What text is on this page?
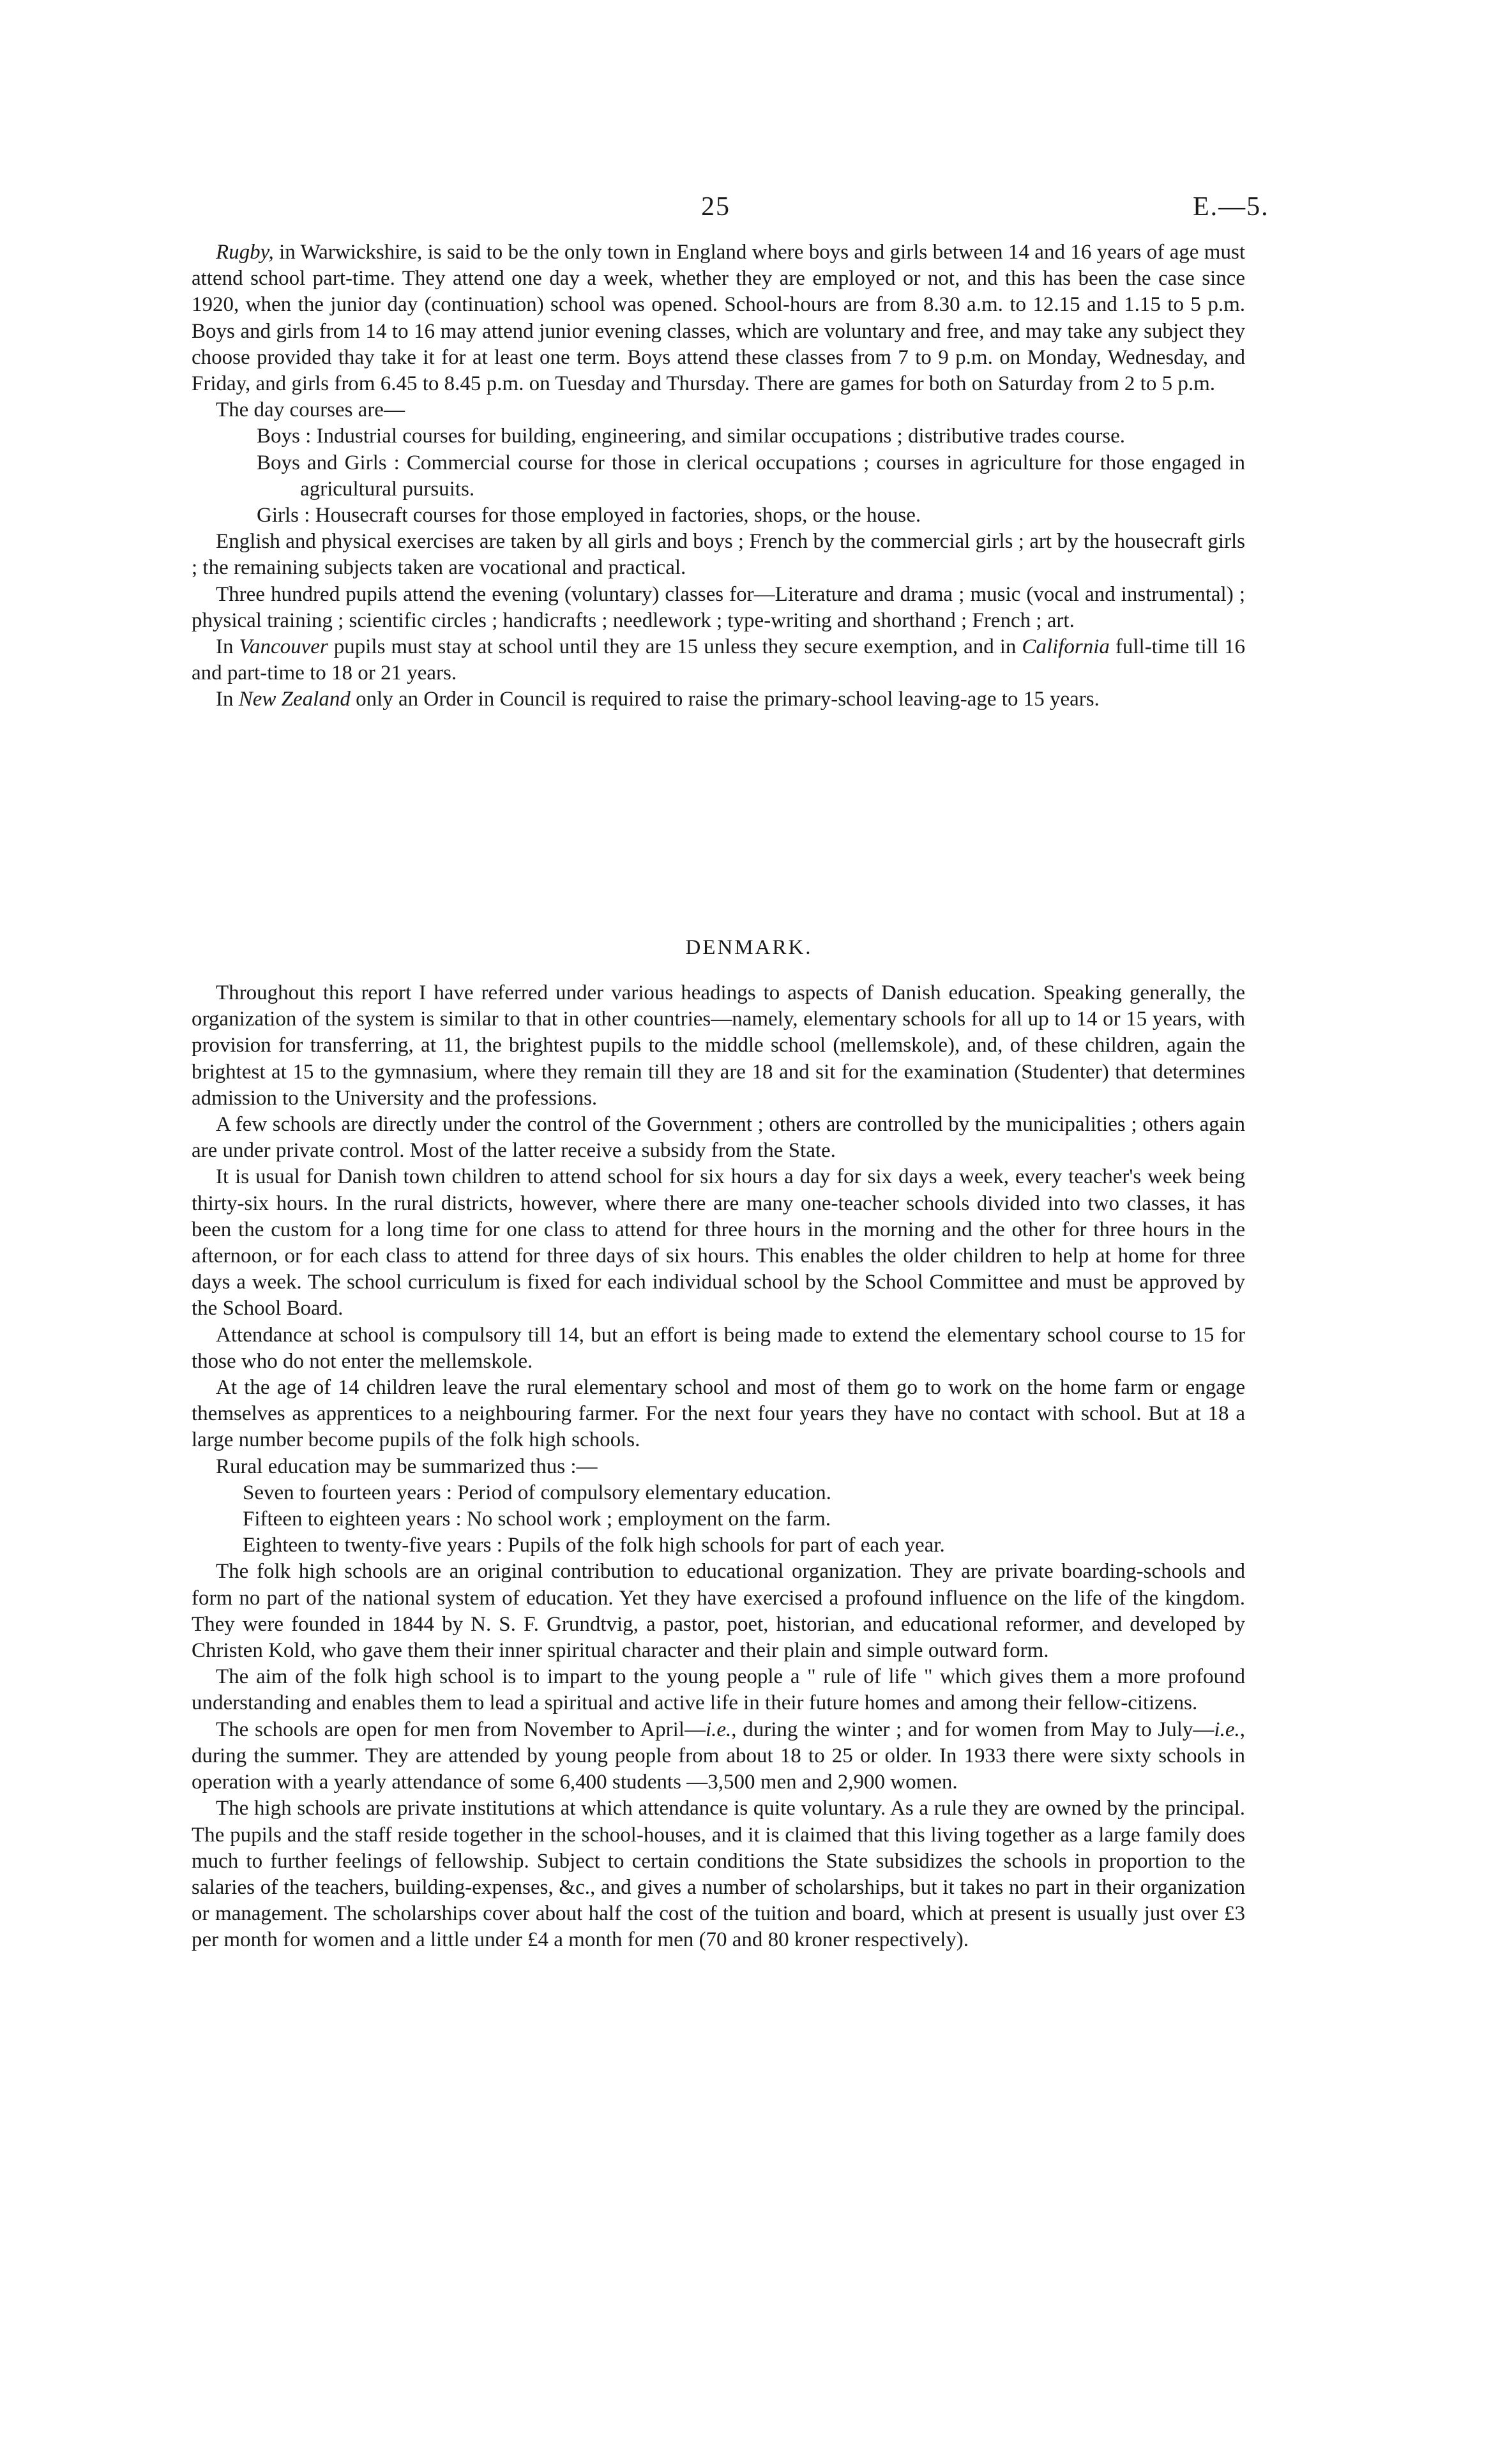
25	E.—5.

Rugby, in Warwickshire, is said to be the only town in England where boys and girls between 14 and 16 years of age must attend school part-time. They attend one day a week, whether they are employed or not, and this has been the case since 1920, when the junior day (continuation) school was opened. School-hours are from 8.30 a.m. to 12.15 and 1.15 to 5 p.m. Boys and girls from 14 to 16 may attend junior evening classes, which are voluntary and free, and may take any subject they choose provided thay take it for at least one term. Boys attend these classes from 7 to 9 p.m. on Monday, Wednesday, and Friday, and girls from 6.45 to 8.45 p.m. on Tuesday and Thursday. There are games for both on Saturday from 2 to 5 p.m.

The day courses are—

Boys : Industrial courses for building, engineering, and similar occupations ; distributive trades course.

Boys and Girls : Commercial course for those in clerical occupations ; courses in agriculture for those engaged in agricultural pursuits.

Girls : Housecraft courses for those employed in factories, shops, or the house.

English and physical exercises are taken by all girls and boys ; French by the commercial girls ; art by the housecraft girls ; the remaining subjects taken are vocational and practical.

Three hundred pupils attend the evening (voluntary) classes for—Literature and drama ; music (vocal and instrumental) ; physical training ; scientific circles ; handicrafts ; needlework ; type-writing and shorthand ; French ; art.

In Vancouver pupils must stay at school until they are 15 unless they secure exemption, and in California full-time till 16 and part-time to 18 or 21 years.

In New Zealand only an Order in Council is required to raise the primary-school leaving-age to 15 years.

DENMARK.

Throughout this report I have referred under various headings to aspects of Danish education. Speaking generally, the organization of the system is similar to that in other countries—namely, elementary schools for all up to 14 or 15 years, with provision for transferring, at 11, the brightest pupils to the middle school (mellemskole), and, of these children, again the brightest at 15 to the gymnasium, where they remain till they are 18 and sit for the examination (Studenter) that determines admission to the University and the professions.

A few schools are directly under the control of the Government ; others are controlled by the municipalities ; others again are under private control. Most of the latter receive a subsidy from the State.

It is usual for Danish town children to attend school for six hours a day for six days a week, every teacher's week being thirty-six hours. In the rural districts, however, where there are many one-teacher schools divided into two classes, it has been the custom for a long time for one class to attend for three hours in the morning and the other for three hours in the afternoon, or for each class to attend for three days of six hours. This enables the older children to help at home for three days a week. The school curriculum is fixed for each individual school by the School Committee and must be approved by the School Board.

Attendance at school is compulsory till 14, but an effort is being made to extend the elementary school course to 15 for those who do not enter the mellemskole.

At the age of 14 children leave the rural elementary school and most of them go to work on the home farm or engage themselves as apprentices to a neighbouring farmer. For the next four years they have no contact with school. But at 18 a large number become pupils of the folk high schools.

Rural education may be summarized thus :—

Seven to fourteen years : Period of compulsory elementary education.

Fifteen to eighteen years : No school work ; employment on the farm.

Eighteen to twenty-five years : Pupils of the folk high schools for part of each year.

The folk high schools are an original contribution to educational organization. They are private boarding-schools and form no part of the national system of education. Yet they have exercised a profound influence on the life of the kingdom. They were founded in 1844 by N. S. F. Grundtvig, a pastor, poet, historian, and educational reformer, and developed by Christen Kold, who gave them their inner spiritual character and their plain and simple outward form.

The aim of the folk high school is to impart to the young people a " rule of life " which gives them a more profound understanding and enables them to lead a spiritual and active life in their future homes and among their fellow-citizens.

The schools are open for men from November to April—i.e., during the winter ; and for women from May to July—i.e., during the summer. They are attended by young people from about 18 to 25 or older. In 1933 there were sixty schools in operation with a yearly attendance of some 6,400 students —3,500 men and 2,900 women.

The high schools are private institutions at which attendance is quite voluntary. As a rule they are owned by the principal. The pupils and the staff reside together in the school-houses, and it is claimed that this living together as a large family does much to further feelings of fellowship. Subject to certain conditions the State subsidizes the schools in proportion to the salaries of the teachers, building-expenses, &c., and gives a number of scholarships, but it takes no part in their organization or management. The scholarships cover about half the cost of the tuition and board, which at present is usually just over £3 per month for women and a little under £4 a month for men (70 and 80 kroner respectively).
